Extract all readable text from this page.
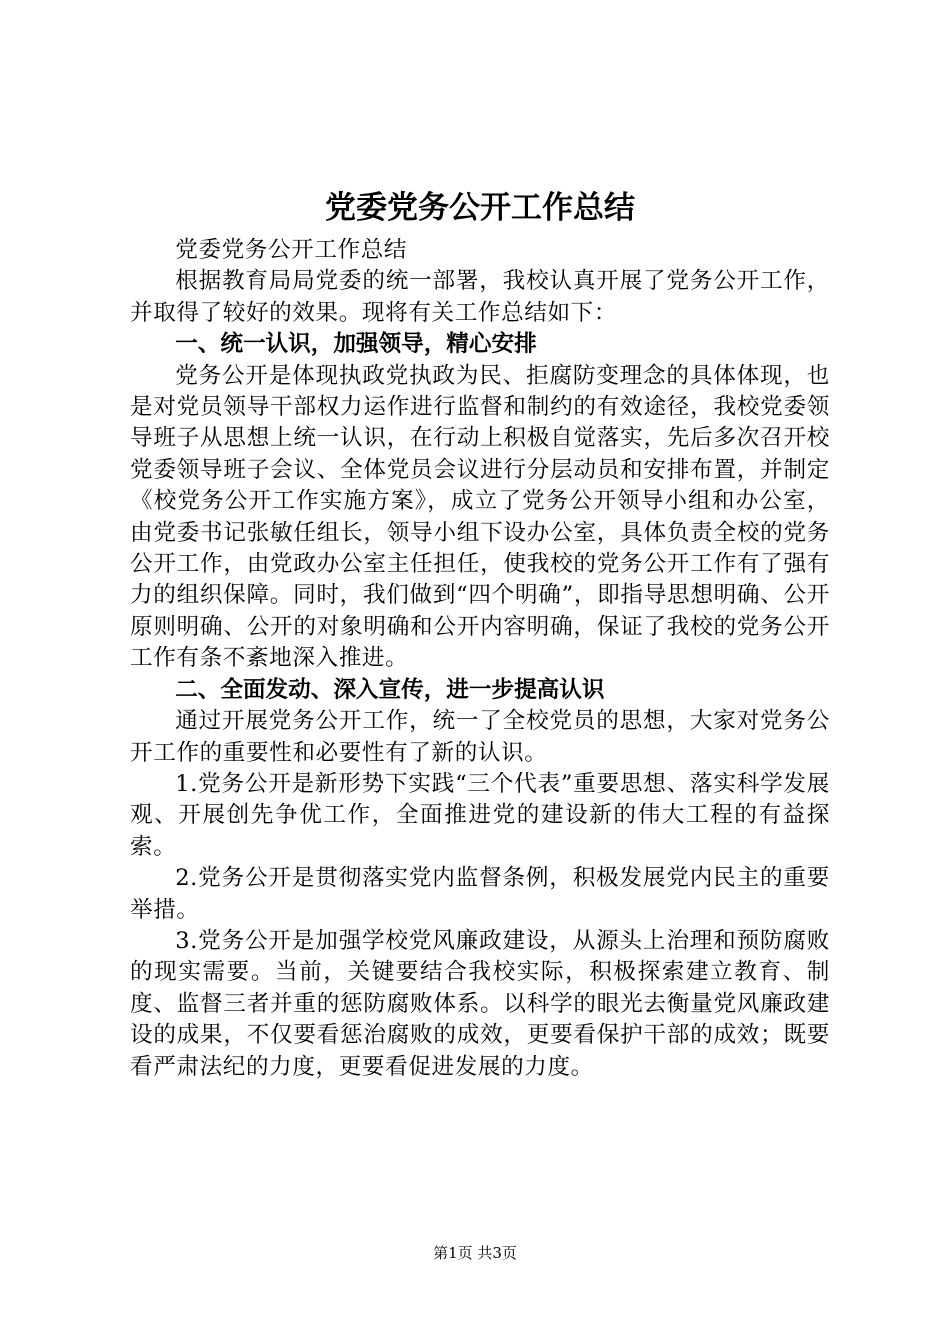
党委党务公开工作总结

党委党务公开工作总结

根据教育局局党委的统一部署，我校认真开展了党务公开工作，并取得了较好的效果。现将有关工作总结如下：

一、统一认识，加强领导，精心安排

党务公开是体现执政党执政为民、拒腐防变理念的具体体现，也是对党员领导干部权力运作进行监督和制约的有效途径，我校党委领导班子从思想上统一认识，在行动上积极自觉落实，先后多次召开校党委领导班子会议、全体党员会议进行分层动员和安排布置，并制定《校党务公开工作实施方案》，成立了党务公开领导小组和办公室，由党委书记张敏任组长，领导小组下设办公室，具体负责全校的党务公开工作，由党政办公室主任担任，使我校的党务公开工作有了强有力的组织保障。同时，我们做到“四个明确”，即指导思想明确、公开原则明确、公开的对象明确和公开内容明确，保证了我校的党务公开工作有条不紊地深入推进。

二、全面发动、深入宣传，进一步提高认识

通过开展党务公开工作，统一了全校党员的思想，大家对党务公开工作的重要性和必要性有了新的认识。

1.党务公开是新形势下实践“三个代表”重要思想、落实科学发展观、开展创先争优工作，全面推进党的建设新的伟大工程的有益探索。

2.党务公开是贯彻落实党内监督条例，积极发展党内民主的重要举措。

3.党务公开是加强学校党风廉政建设，从源头上治理和预防腐败的现实需要。当前，关键要结合我校实际，积极探索建立教育、制度、监督三者并重的惩防腐败体系。以科学的眼光去衡量党风廉政建设的成果，不仅要看惩治腐败的成效，更要看保护干部的成效；既要看严肃法纪的力度，更要看促进发展的力度。

第1页 共3页
